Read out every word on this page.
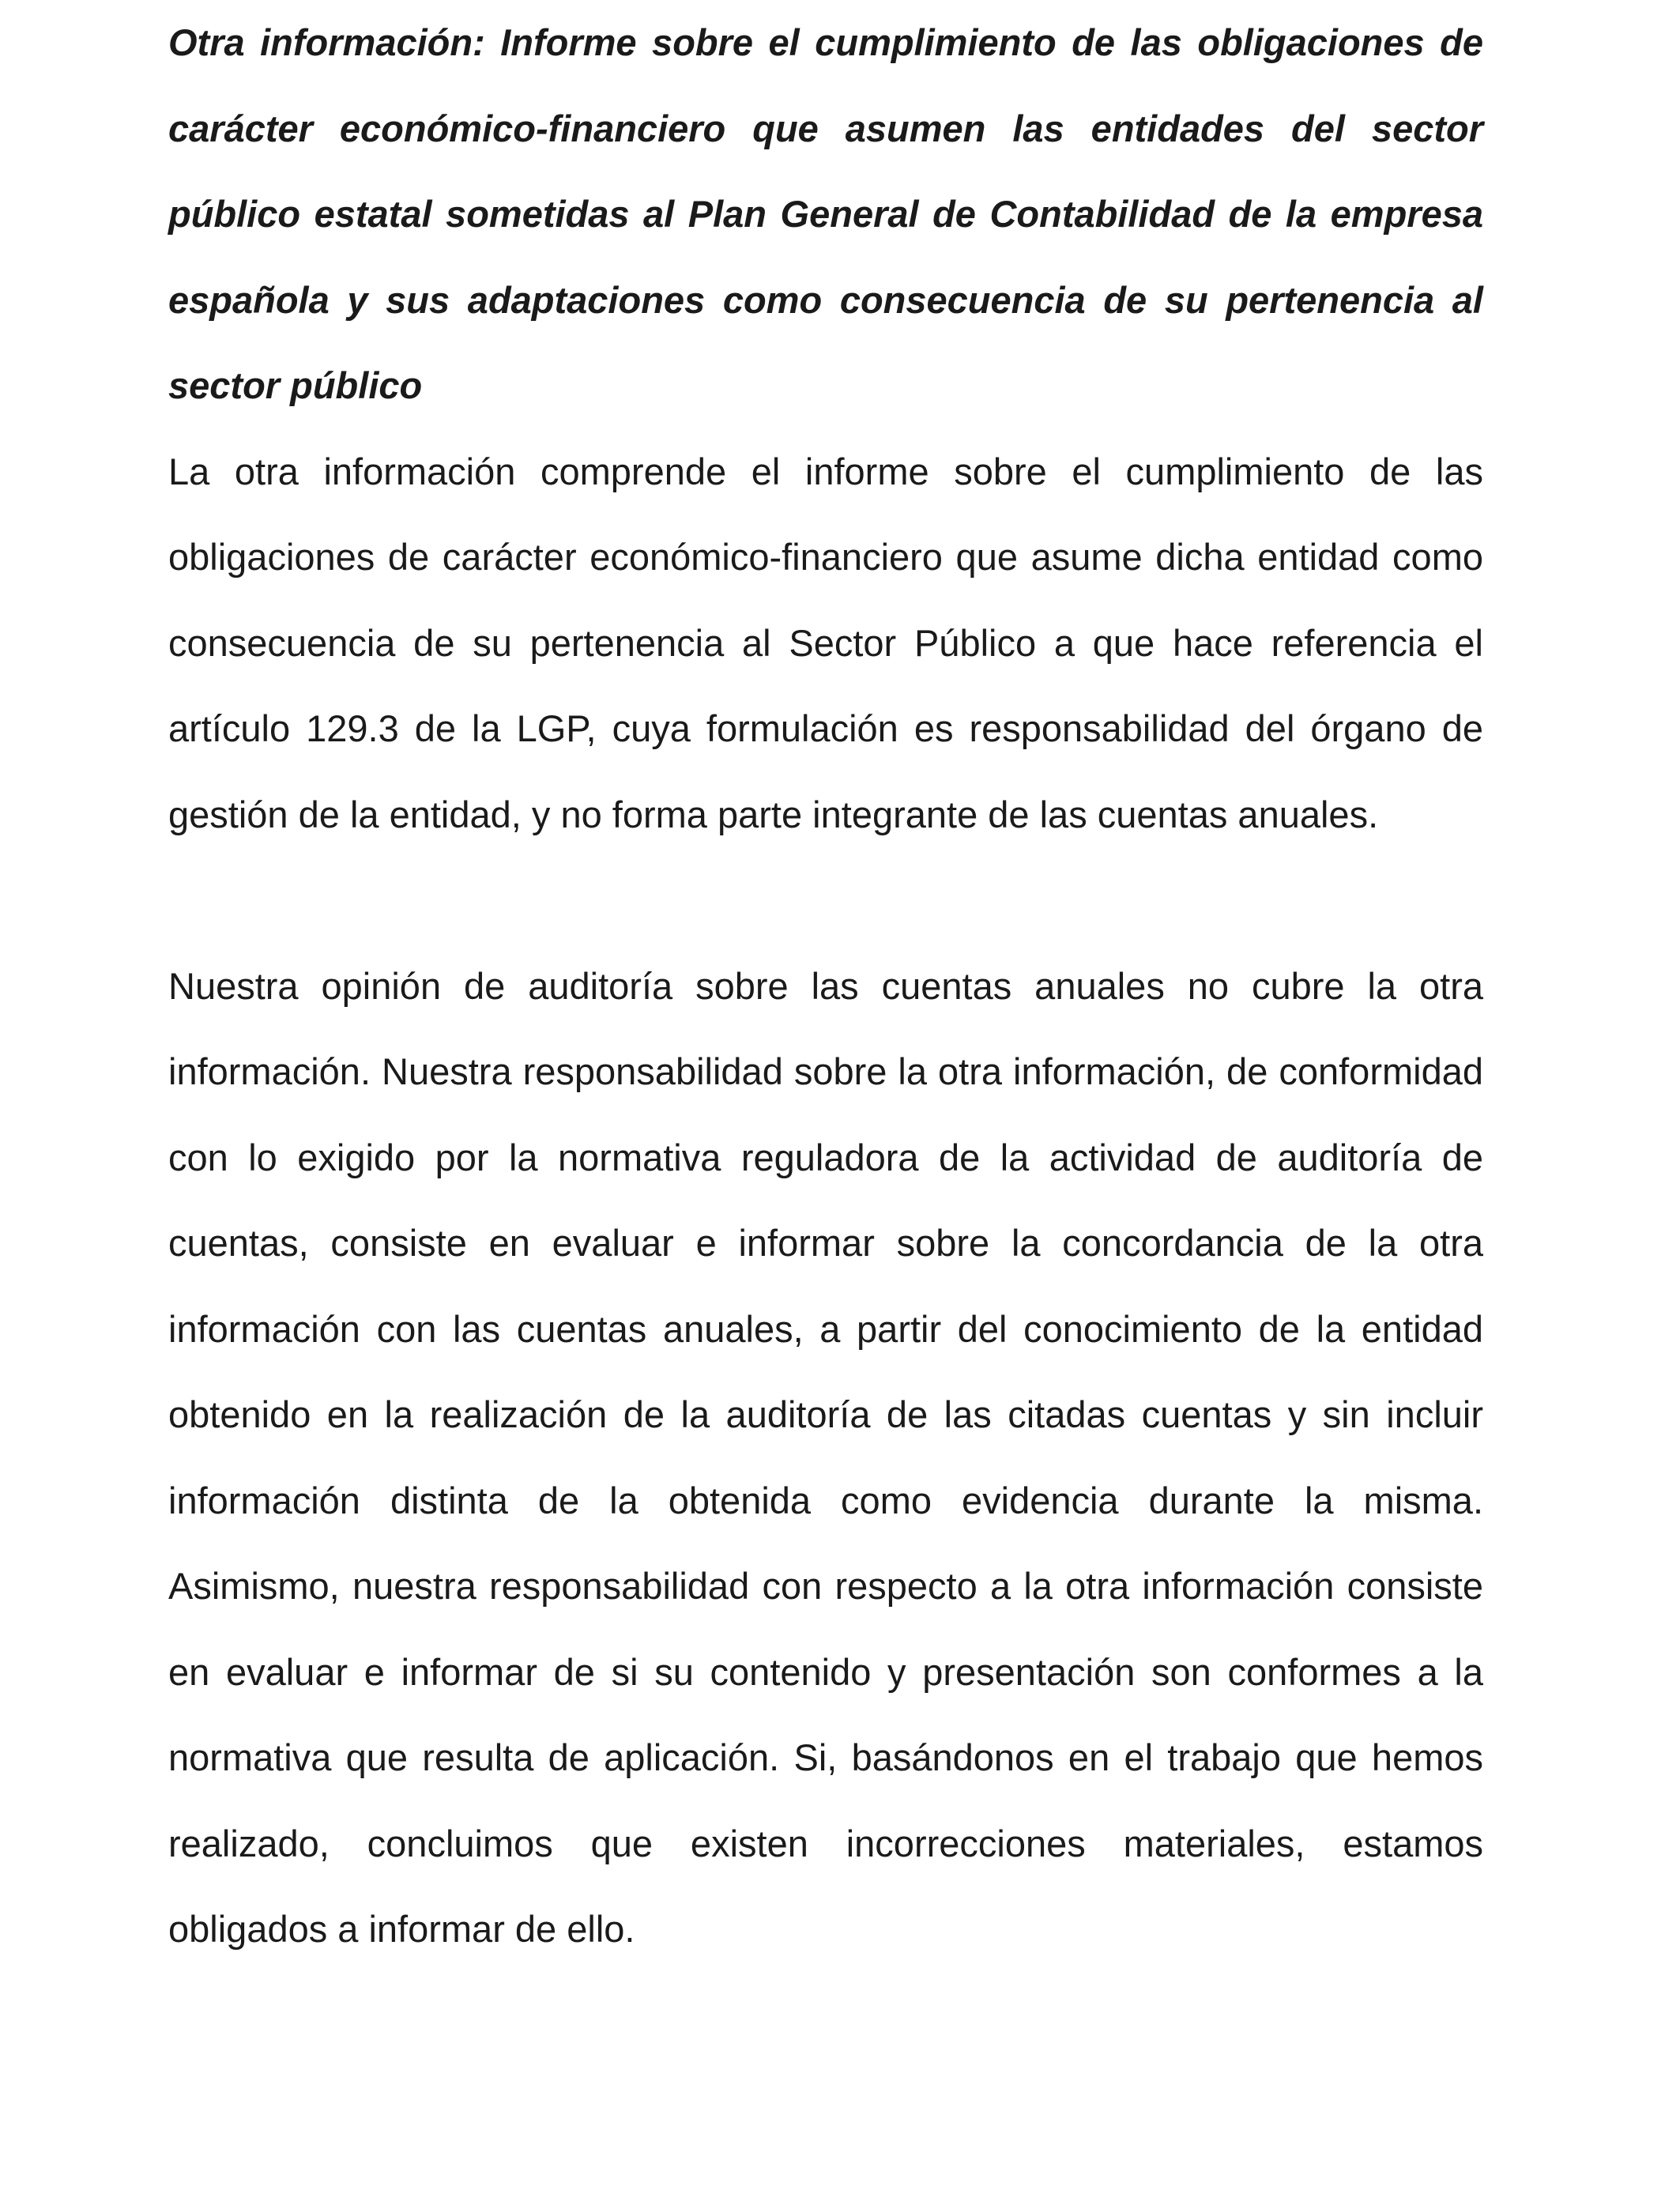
Otra información: Informe sobre el cumplimiento de las obligaciones de carácter económico-financiero que asumen las entidades del sector público estatal sometidas al Plan General de Contabilidad de la empresa española y sus adaptaciones como consecuencia de su pertenencia al sector público

La otra información comprende el informe sobre el cumplimiento de las obligaciones de carácter económico-financiero que asume dicha entidad como consecuencia de su pertenencia al Sector Público a que hace referencia el artículo 129.3 de la LGP, cuya formulación es responsabilidad del órgano de gestión de la entidad, y no forma parte integrante de las cuentas anuales.

Nuestra opinión de auditoría sobre las cuentas anuales no cubre la otra información. Nuestra responsabilidad sobre la otra información, de conformidad con lo exigido por la normativa reguladora de la actividad de auditoría de cuentas, consiste en evaluar e informar sobre la concordancia de la otra información con las cuentas anuales, a partir del conocimiento de la entidad obtenido en la realización de la auditoría de las citadas cuentas y sin incluir información distinta de la obtenida como evidencia durante la misma. Asimismo, nuestra responsabilidad con respecto a la otra información consiste en evaluar e informar de si su contenido y presentación son conformes a la normativa que resulta de aplicación. Si, basándonos en el trabajo que hemos realizado, concluimos que existen incorrecciones materiales, estamos obligados a informar de ello.
